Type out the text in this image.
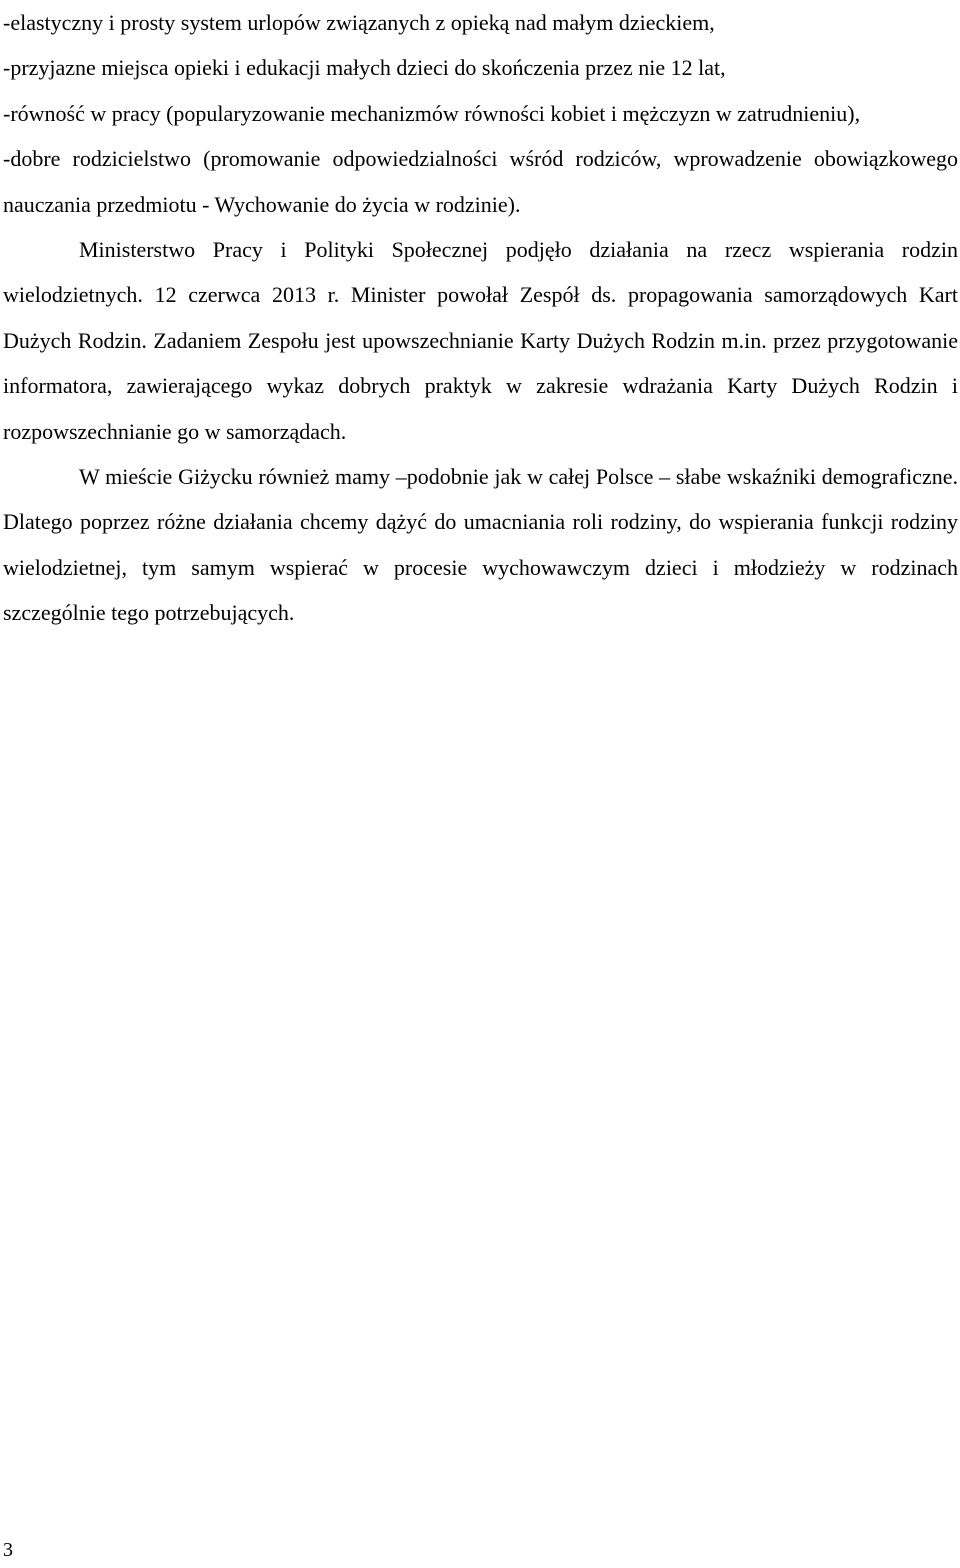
-elastyczny i prosty system urlopów związanych z opieką nad małym dzieckiem,

-przyjazne miejsca opieki i edukacji małych dzieci do skończenia przez nie 12 lat,

-równość w pracy (popularyzowanie mechanizmów równości kobiet i mężczyzn w zatrudnieniu),

-dobre rodzicielstwo (promowanie odpowiedzialności wśród rodziców, wprowadzenie obowiązkowego nauczania przedmiotu - Wychowanie do życia w rodzinie).

Ministerstwo Pracy i Polityki Społecznej podjęło działania na rzecz wspierania rodzin wielodzietnych. 12 czerwca 2013 r. Minister powołał Zespół ds. propagowania samorządowych Kart Dużych Rodzin. Zadaniem Zespołu jest upowszechnianie Karty Dużych Rodzin m.in. przez przygotowanie informatora, zawierającego wykaz dobrych praktyk w zakresie wdrażania Karty Dużych Rodzin i rozpowszechnianie go w samorządach.

W mieście Giżycku również mamy –podobnie jak w całej Polsce – słabe wskaźniki demograficzne. Dlatego poprzez różne działania chcemy dążyć do umacniania roli rodziny, do wspierania funkcji rodziny wielodzietnej, tym samym wspierać w procesie wychowawczym dzieci i młodzieży w rodzinach szczególnie tego potrzebujących.

3
